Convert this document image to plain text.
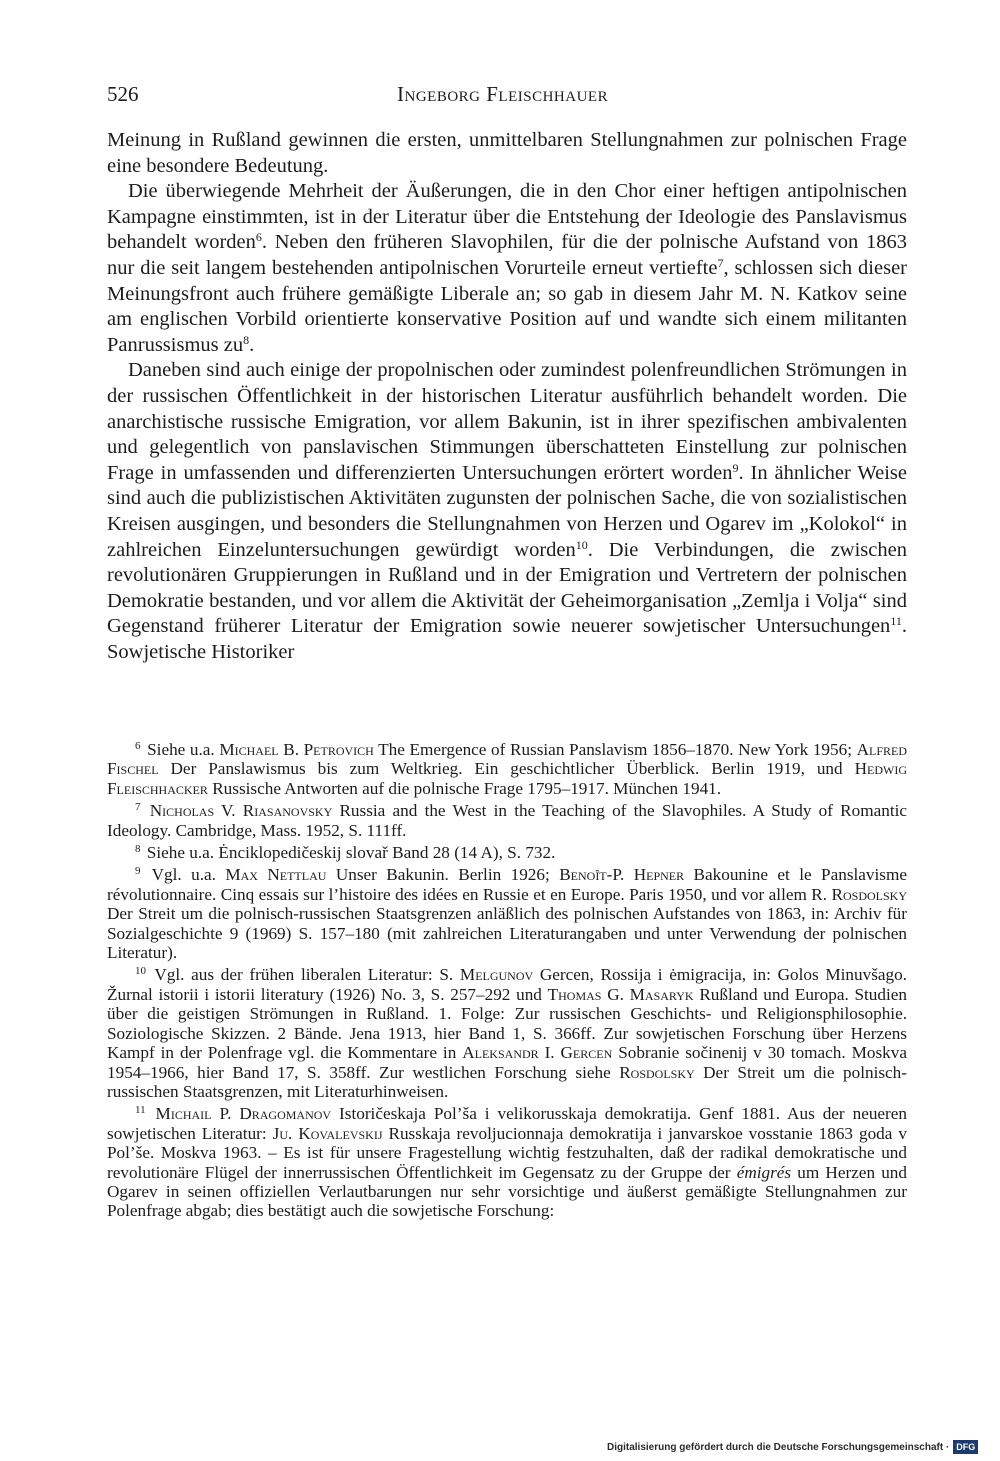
526	Ingeborg Fleischhauer

Meinung in Rußland gewinnen die ersten, unmittelbaren Stellungnahmen zur polnischen Frage eine besondere Bedeutung.

Die überwiegende Mehrheit der Äußerungen, die in den Chor einer heftigen antipolnischen Kampagne einstimmten, ist in der Literatur über die Entstehung der Ideologie des Panslavismus behandelt worden$^6$. Neben den früheren Slavophilen, für die der polnische Aufstand von 1863 nur die seit langem bestehenden antipolnischen Vorurteile erneut vertiefte$^7$, schlossen sich dieser Meinungsfront auch frühere gemäßigte Liberale an; so gab in diesem Jahr M. N. Katkov seine am englischen Vorbild orientierte konservative Position auf und wandte sich einem militanten Panrussismus $zu^8$.

Daneben sind auch einige der propolnischen oder zumindest polenfreundlichen Strömungen in der russischen Öffentlichkeit in der historischen Literatur ausführlich behandelt worden. Die anarchistische russische Emigration, vor allem Bakunin, ist in ihrer spezifischen ambivalenten und gelegentlich von panslavischen Stimmungen überschatteten Einstellung zur polnischen Frage in umfassenden und differenzierten Untersuchungen erörtert worden$^9$. In ähnlicher Weise sind auch die publizistischen Aktivitäten zugunsten der polnischen Sache, die von sozialistischen Kreisen ausgingen, und besonders die Stellungnahmen von Herzen und Ogarev im „Kolokol“ in zahlreichen Einzeluntersuchungen gewürdigt worden$^{10}$. Die Verbindungen, die zwischen revolutionären Gruppierungen in Rußland und in der Emigration und Vertretern der polnischen Demokratie bestanden, und vor allem die Aktivität der Geheimorganisation „Zemlja i Volja“ sind Gegenstand früherer Literatur der Emigration sowie neuerer sowjetischer Untersuchungen$^{11}$. Sowjetische Historiker

$^6$ Siehe u.a. Michael B. Petrovich The Emergence of Russian Panslavism 1856–1870. New York 1956; Alfred Fischel Der Panslawismus bis zum Weltkrieg. Ein geschichtlicher Überblick. Berlin 1919, und Hedwig Fleischhacker Russische Antworten auf die polnische Frage 1795–1917. München 1941.

$^7$ Nicholas V. Riasanovsky Russia and the West in the Teaching of the Slavophiles. A Study of Romantic Ideology. Cambridge, Mass. 1952, S. 111ff.

$^8$ Siehe u.a. Ėnciklopedičeskij slovař Band 28 (14 A), S. 732.

$^9$ Vgl. u.a. Max Nettlau Unser Bakunin. Berlin 1926; Benoît-P. Hepner Bakounine et le Panslavisme révolutionnaire. Cinq essais sur l’histoire des idées en Russie et en Europe. Paris 1950, und vor allem R. Rosdolsky Der Streit um die polnisch-russischen Staatsgrenzen anläßlich des polnischen Aufstandes von 1863, in: Archiv für Sozialgeschichte 9 (1969) S. 157–180 (mit zahlreichen Literaturangaben und unter Verwendung der polnischen Literatur).

$^{10}$ Vgl. aus der frühen liberalen Literatur: S. Melgunov Gercen, Rossija i ėmigracija, in: Golos Minuvšago. Žurnal istorii i istorii literatury (1926) No. 3, S. 257–292 und Thomas G. Masaryk Rußland und Europa. Studien über die geistigen Strömungen in Rußland. 1. Folge: Zur russischen Geschichts- und Religionsphilosophie. Soziologische Skizzen. 2 Bände. Jena 1913, hier Band 1, S. 366ff. Zur sowjetischen Forschung über Herzens Kampf in der Polenfrage vgl. die Kommentare in Aleksandr I. Gercen Sobranie sočinenij v 30 tomach. Moskva 1954–1966, hier Band 17, S. 358ff. Zur westlichen Forschung siehe Rosdolsky Der Streit um die polnisch-russischen Staatsgrenzen, mit Literaturhinweisen.

$^{11}$ Michail P. Dragomanov Istoričeskaja Pol’ša i velikorusskaja demokratija. Genf 1881. Aus der neueren sowjetischen Literatur: Ju. Kovalevskij Russkaja revoljucionnaja demokratija i janvarskoe vosstanie 1863 goda v Pol’še. Moskva 1963. – Es ist für unsere Fragestellung wichtig festzuhalten, daß der radikal demokratische und revolutionäre Flügel der innerrussischen Öffentlichkeit im Gegensatz zu der Gruppe der émigrés um Herzen und Ogarev in seinen offiziellen Verlautbarungen nur sehr vorsichtige und äußerst gemäßigte Stellungnahmen zur Polenfrage abgab; dies bestätigt auch die sowjetische Forschung:

Digitalisierung gefördert durch die Deutsche Forschungsgemeinschaft · DFG
